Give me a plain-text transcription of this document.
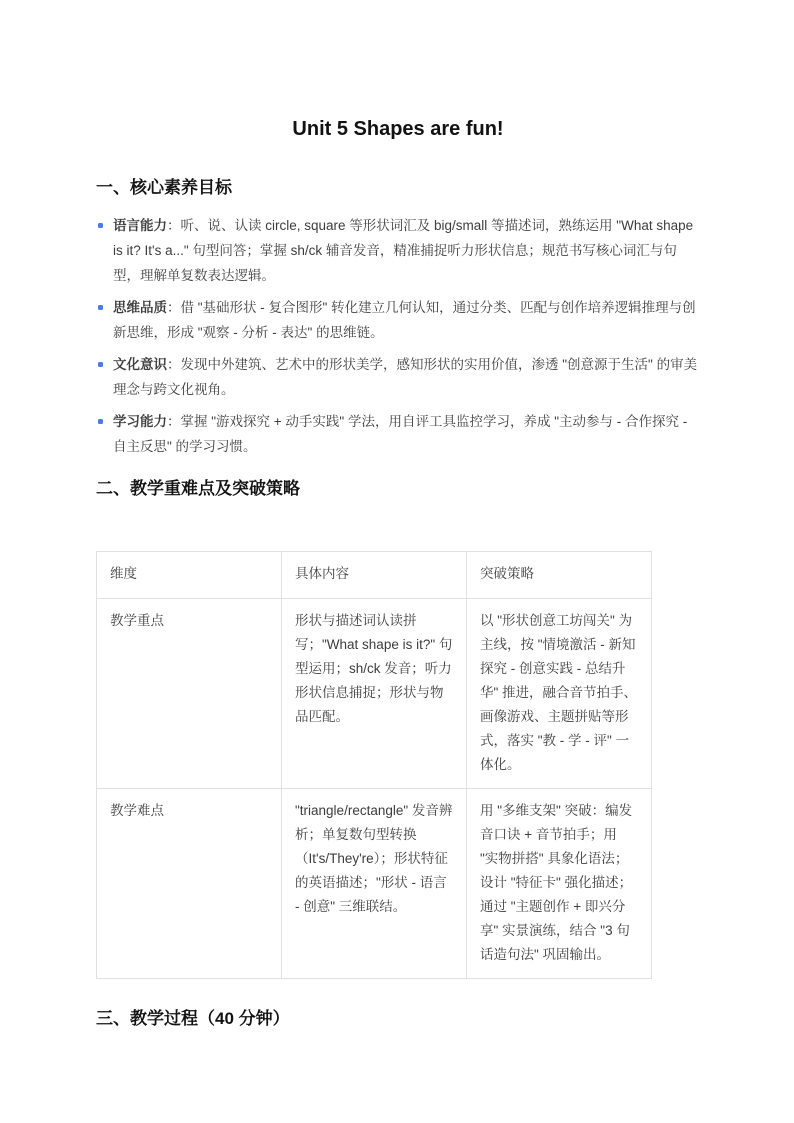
Unit 5 Shapes are fun!
一、核心素养目标
语言能力：听、说、认读 circle, square 等形状词汇及 big/small 等描述词，熟练运用 "What shape is it? It's a..." 句型问答；掌握 sh/ck 辅音发音，精准捕捉听力形状信息；规范书写核心词汇与句型，理解单复数表达逻辑。
思维品质：借 "基础形状 - 复合图形" 转化建立几何认知，通过分类、匹配与创作培养逻辑推理与创新思维，形成 "观察 - 分析 - 表达" 的思维链。
文化意识：发现中外建筑、艺术中的形状美学，感知形状的实用价值，渗透 "创意源于生活" 的审美理念与跨文化视角。
学习能力：掌握 "游戏探究 + 动手实践" 学法，用自评工具监控学习，养成 "主动参与 - 合作探究 - 自主反思" 的学习习惯。
二、教学重难点及突破策略
维度	具体内容	突破策略
教学重点	形状与描述词认读拼写；"What shape is it?" 句型运用；sh/ck 发音；听力形状信息捕捉；形状与物品匹配。	以 "形状创意工坊闯关" 为主线，按 "情境激活 - 新知探究 - 创意实践 - 总结升华" 推进，融合音节拍手、画像游戏、主题拼贴等形式，落实 "教 - 学 - 评" 一体化。
教学难点	"triangle/rectangle" 发音辨析；单复数句型转换（It's/They're）；形状特征的英语描述；"形状 - 语言 - 创意" 三维联结。	用 "多维支架" 突破：编发音口诀 + 音节拍手；用 "实物拼搭" 具象化语法；设计 "特征卡" 强化描述；通过 "主题创作 + 即兴分享" 实景演练，结合 "3 句话造句法" 巩固输出。
三、教学过程（40 分钟）
